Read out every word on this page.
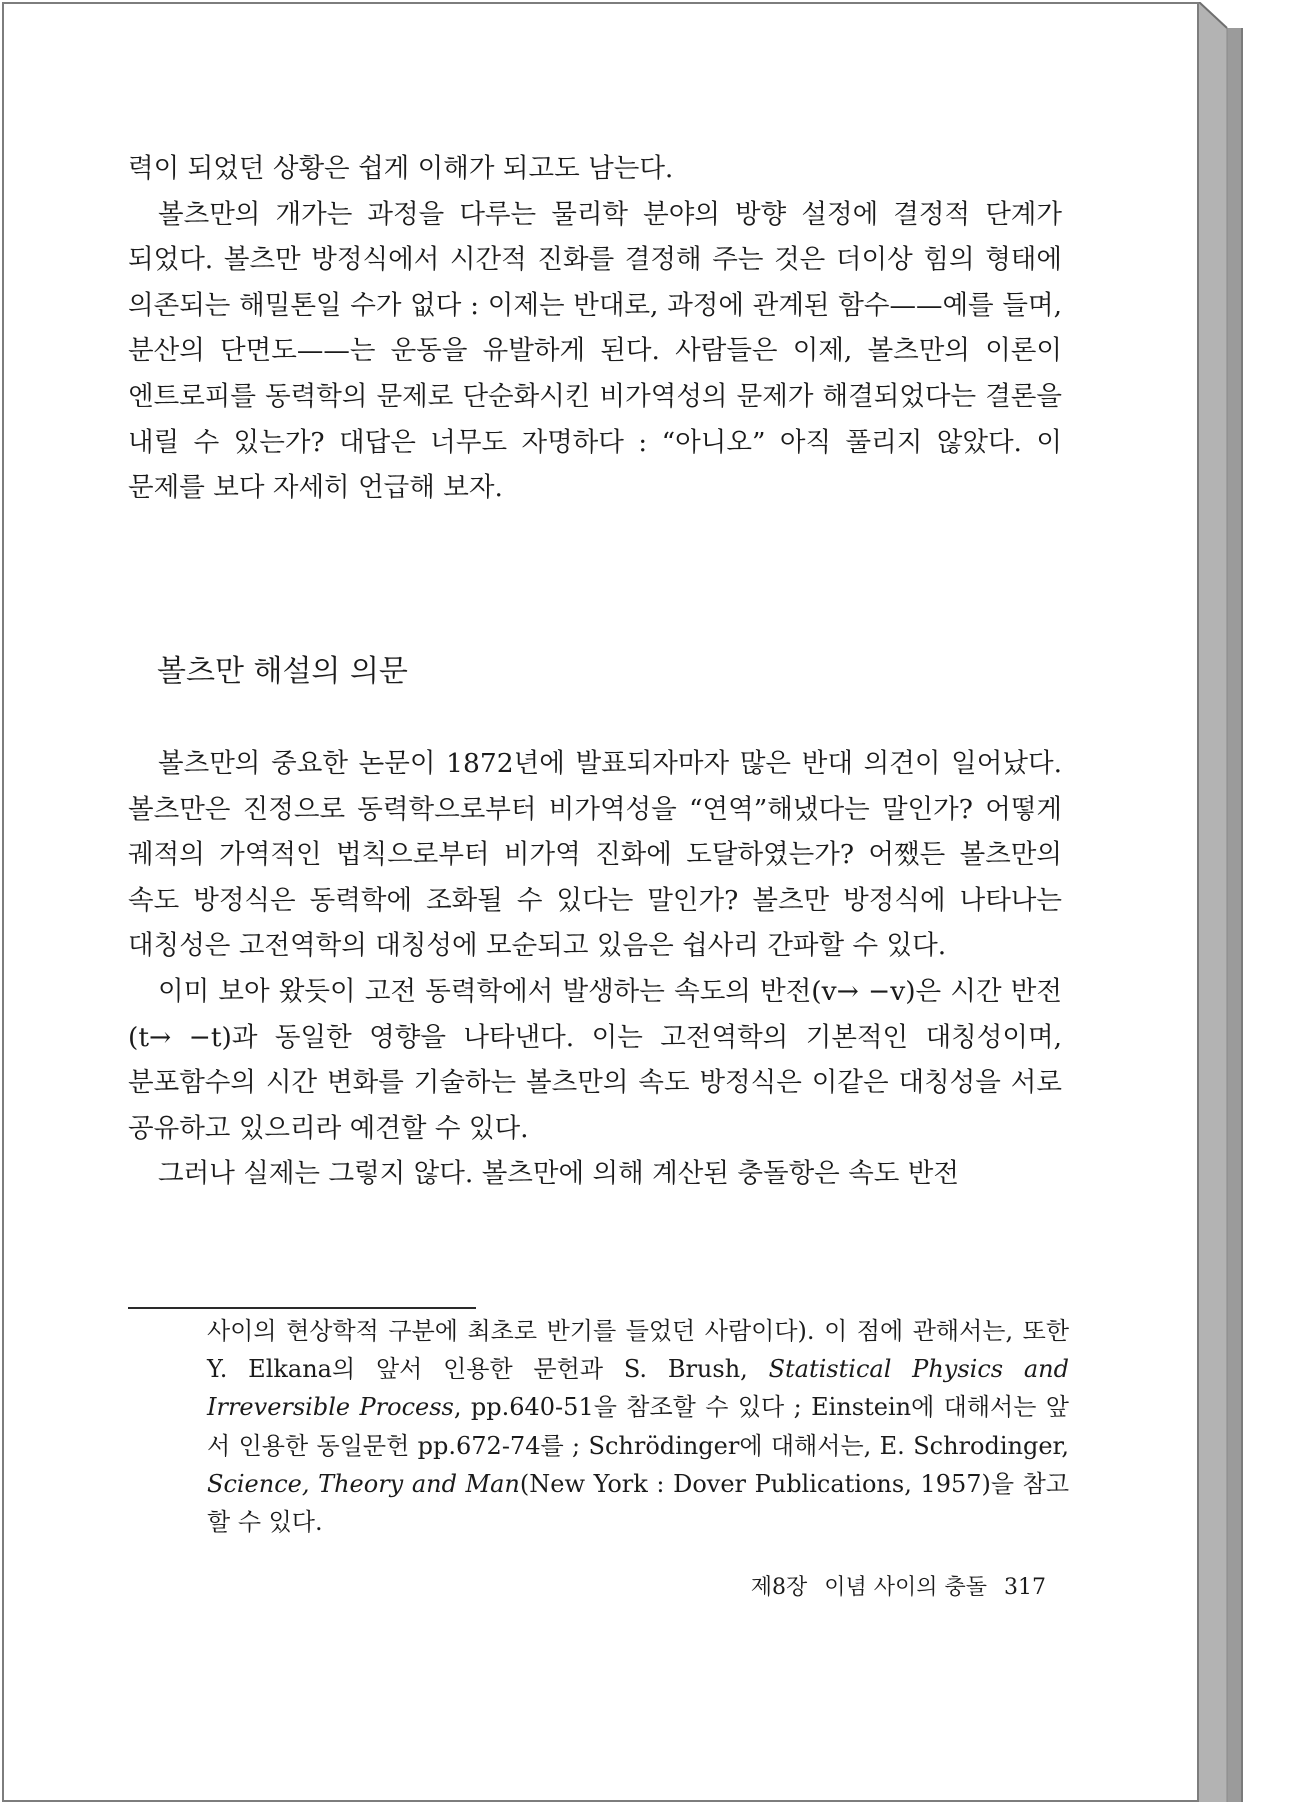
력이 되었던 상황은 쉽게 이해가 되고도 남는다.

볼츠만의 개가는 과정을 다루는 물리학 분야의 방향 설정에 결정적 단계가 되었다. 볼츠만 방정식에서 시간적 진화를 결정해 주는 것은 더이상 힘의 형태에 의존되는 해밀톤일 수가 없다 : 이제는 반대로, 과정에 관계된 함수——예를 들며, 분산의 단면도——는 운동을 유발하게 된다. 사람들은 이제, 볼츠만의 이론이 엔트로피를 동력학의 문제로 단순화시킨 비가역성의 문제가 해결되었다는 결론을 내릴 수 있는가? 대답은 너무도 자명하다 : “아니오” 아직 풀리지 않았다. 이 문제를 보다 자세히 언급해 보자.

볼츠만 해설의 의문

볼츠만의 중요한 논문이 1872년에 발표되자마자 많은 반대 의견이 일어났다. 볼츠만은 진정으로 동력학으로부터 비가역성을 “연역”해냈다는 말인가? 어떻게 궤적의 가역적인 법칙으로부터 비가역 진화에 도달하였는가? 어쨌든 볼츠만의 속도 방정식은 동력학에 조화될 수 있다는 말인가? 볼츠만 방정식에 나타나는 대칭성은 고전역학의 대칭성에 모순되고 있음은 쉽사리 간파할 수 있다.

이미 보아 왔듯이 고전 동력학에서 발생하는 속도의 반전(v→ −v)은 시간 반전(t→ −t)과 동일한 영향을 나타낸다. 이는 고전역학의 기본적인 대칭성이며, 분포함수의 시간 변화를 기술하는 볼츠만의 속도 방정식은 이같은 대칭성을 서로 공유하고 있으리라 예견할 수 있다.

그러나 실제는 그렇지 않다. 볼츠만에 의해 계산된 충돌항은 속도 반전

사이의 현상학적 구분에 최초로 반기를 들었던 사람이다). 이 점에 관해서는, 또한 Y. Elkana의 앞서 인용한 문헌과 S. Brush, Statistical Physics and Irreversible Process, pp.640-51을 참조할 수 있다 ; Einstein에 대해서는 앞서 인용한 동일문헌 pp.672-74를 ; Schrödinger에 대해서는, E. Schrodinger, Science, Theory and Man(New York : Dover Publications, 1957)을 참고할 수 있다.

제8장 이념 사이의 충돌 317
